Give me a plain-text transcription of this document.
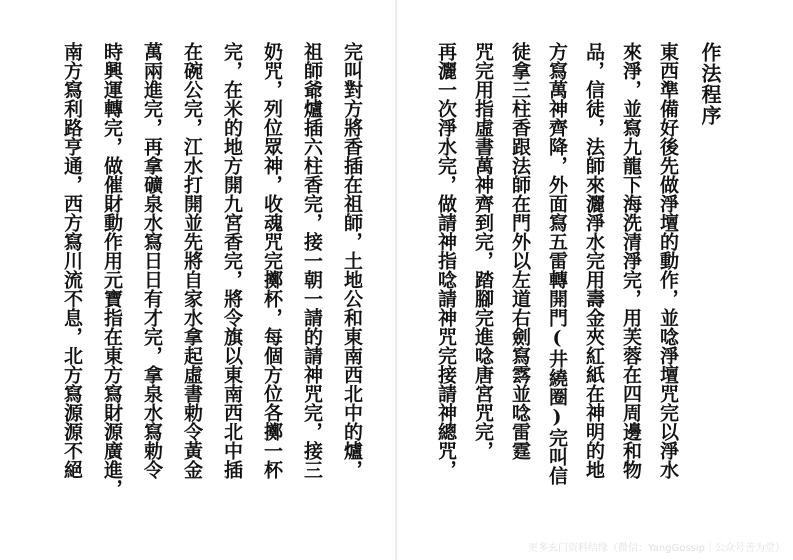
完叫對方將香插在祖師，土地公和東南西北中的爐，
祖師爺爐插六柱香完，接一朝一請的請神咒完，接三
奶咒，列位眾神，收魂咒完擲杯，每個方位各擲一杯
完，在米的地方開九宮香完，將令旗以東南西北中插
在碗公完，江水打開並先將自家水拿起虛書勅令黃金
萬兩進完，再拿礦泉水寫日日有才完，拿泉水寫勅令
時興運轉完，做催財動作用元寶指在東方寫財源廣進，
南方寫利路亨通，西方寫川流不息，北方寫源源不絕	作法程序
東西準備好後先做淨壇的動作，並唸淨壇咒完以淨水
來淨，並寫九龍下海洗清淨完，用芙蓉在四周邊和物
品，信徒，法師來灑淨水完用壽金夾紅紙在神明的地
方寫萬神齊降，外面寫五雷轉開門(井繞圈)完叫信
徒拿三柱香跟法師在門外以左道右劍寫𩃬並唸雷霆
咒完用指虛書萬神齊到完，踏腳完進唸唐宮咒完，
再灑一次淨水完，做請神指唸請神咒完接請神總咒，
更多玄门资料结缘（微信：YangGossip｜公众号善为堂）
